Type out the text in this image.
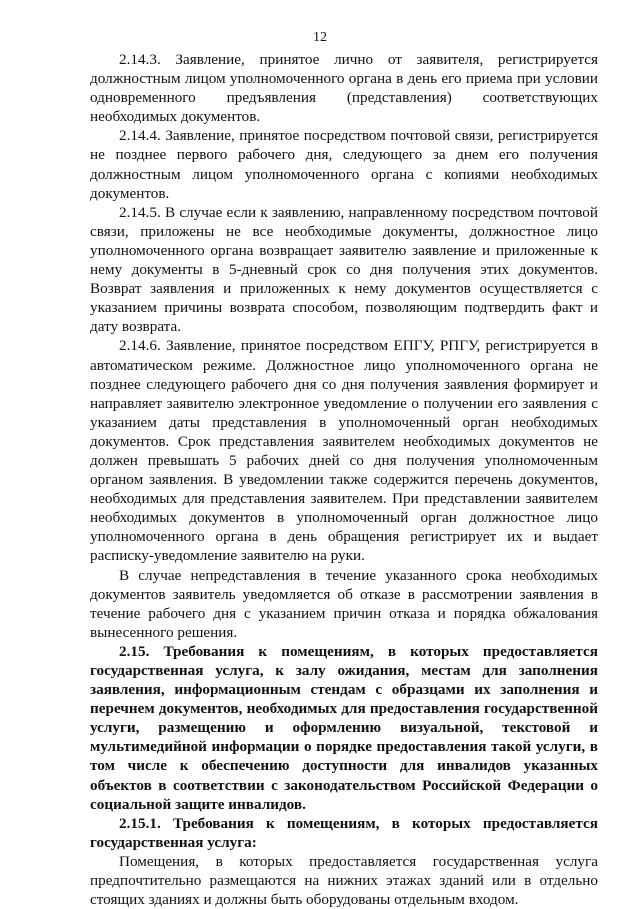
12

2.14.3. Заявление, принятое лично от заявителя, регистрируется должностным лицом уполномоченного органа в день его приема при условии одновременного предъявления (представления) соответствующих необходимых документов.

2.14.4. Заявление, принятое посредством почтовой связи, регистрируется не позднее первого рабочего дня, следующего за днем его получения должностным лицом уполномоченного органа с копиями необходимых документов.

2.14.5. В случае если к заявлению, направленному посредством почтовой связи, приложены не все необходимые документы, должностное лицо уполномоченного органа возвращает заявителю заявление и приложенные к нему документы в 5-дневный срок со дня получения этих документов. Возврат заявления и приложенных к нему документов осуществляется с указанием причины возврата способом, позволяющим подтвердить факт и дату возврата.

2.14.6. Заявление, принятое посредством ЕПГУ, РПГУ, регистрируется в автоматическом режиме. Должностное лицо уполномоченного органа не позднее следующего рабочего дня со дня получения заявления формирует и направляет заявителю электронное уведомление о получении его заявления с указанием даты представления в уполномоченный орган необходимых документов. Срок представления заявителем необходимых документов не должен превышать 5 рабочих дней со дня получения уполномоченным органом заявления. В уведомлении также содержится перечень документов, необходимых для представления заявителем. При представлении заявителем необходимых документов в уполномоченный орган должностное лицо уполномоченного органа в день обращения регистрирует их и выдает расписку-уведомление заявителю на руки.

В случае непредставления в течение указанного срока необходимых документов заявитель уведомляется об отказе в рассмотрении заявления в течение рабочего дня с указанием причин отказа и порядка обжалования вынесенного решения.

2.15. Требования к помещениям, в которых предоставляется государственная услуга, к залу ожидания, местам для заполнения заявления, информационным стендам с образцами их заполнения и перечнем документов, необходимых для предоставления государственной услуги, размещению и оформлению визуальной, текстовой и мультимедийной информации о порядке предоставления такой услуги, в том числе к обеспечению доступности для инвалидов указанных объектов в соответствии с законодательством Российской Федерации о социальной защите инвалидов.

2.15.1. Требования к помещениям, в которых предоставляется государственная услуга:

Помещения, в которых предоставляется государственная услуга предпочтительно размещаются на нижних этажах зданий или в отдельно стоящих зданиях и должны быть оборудованы отдельным входом.
